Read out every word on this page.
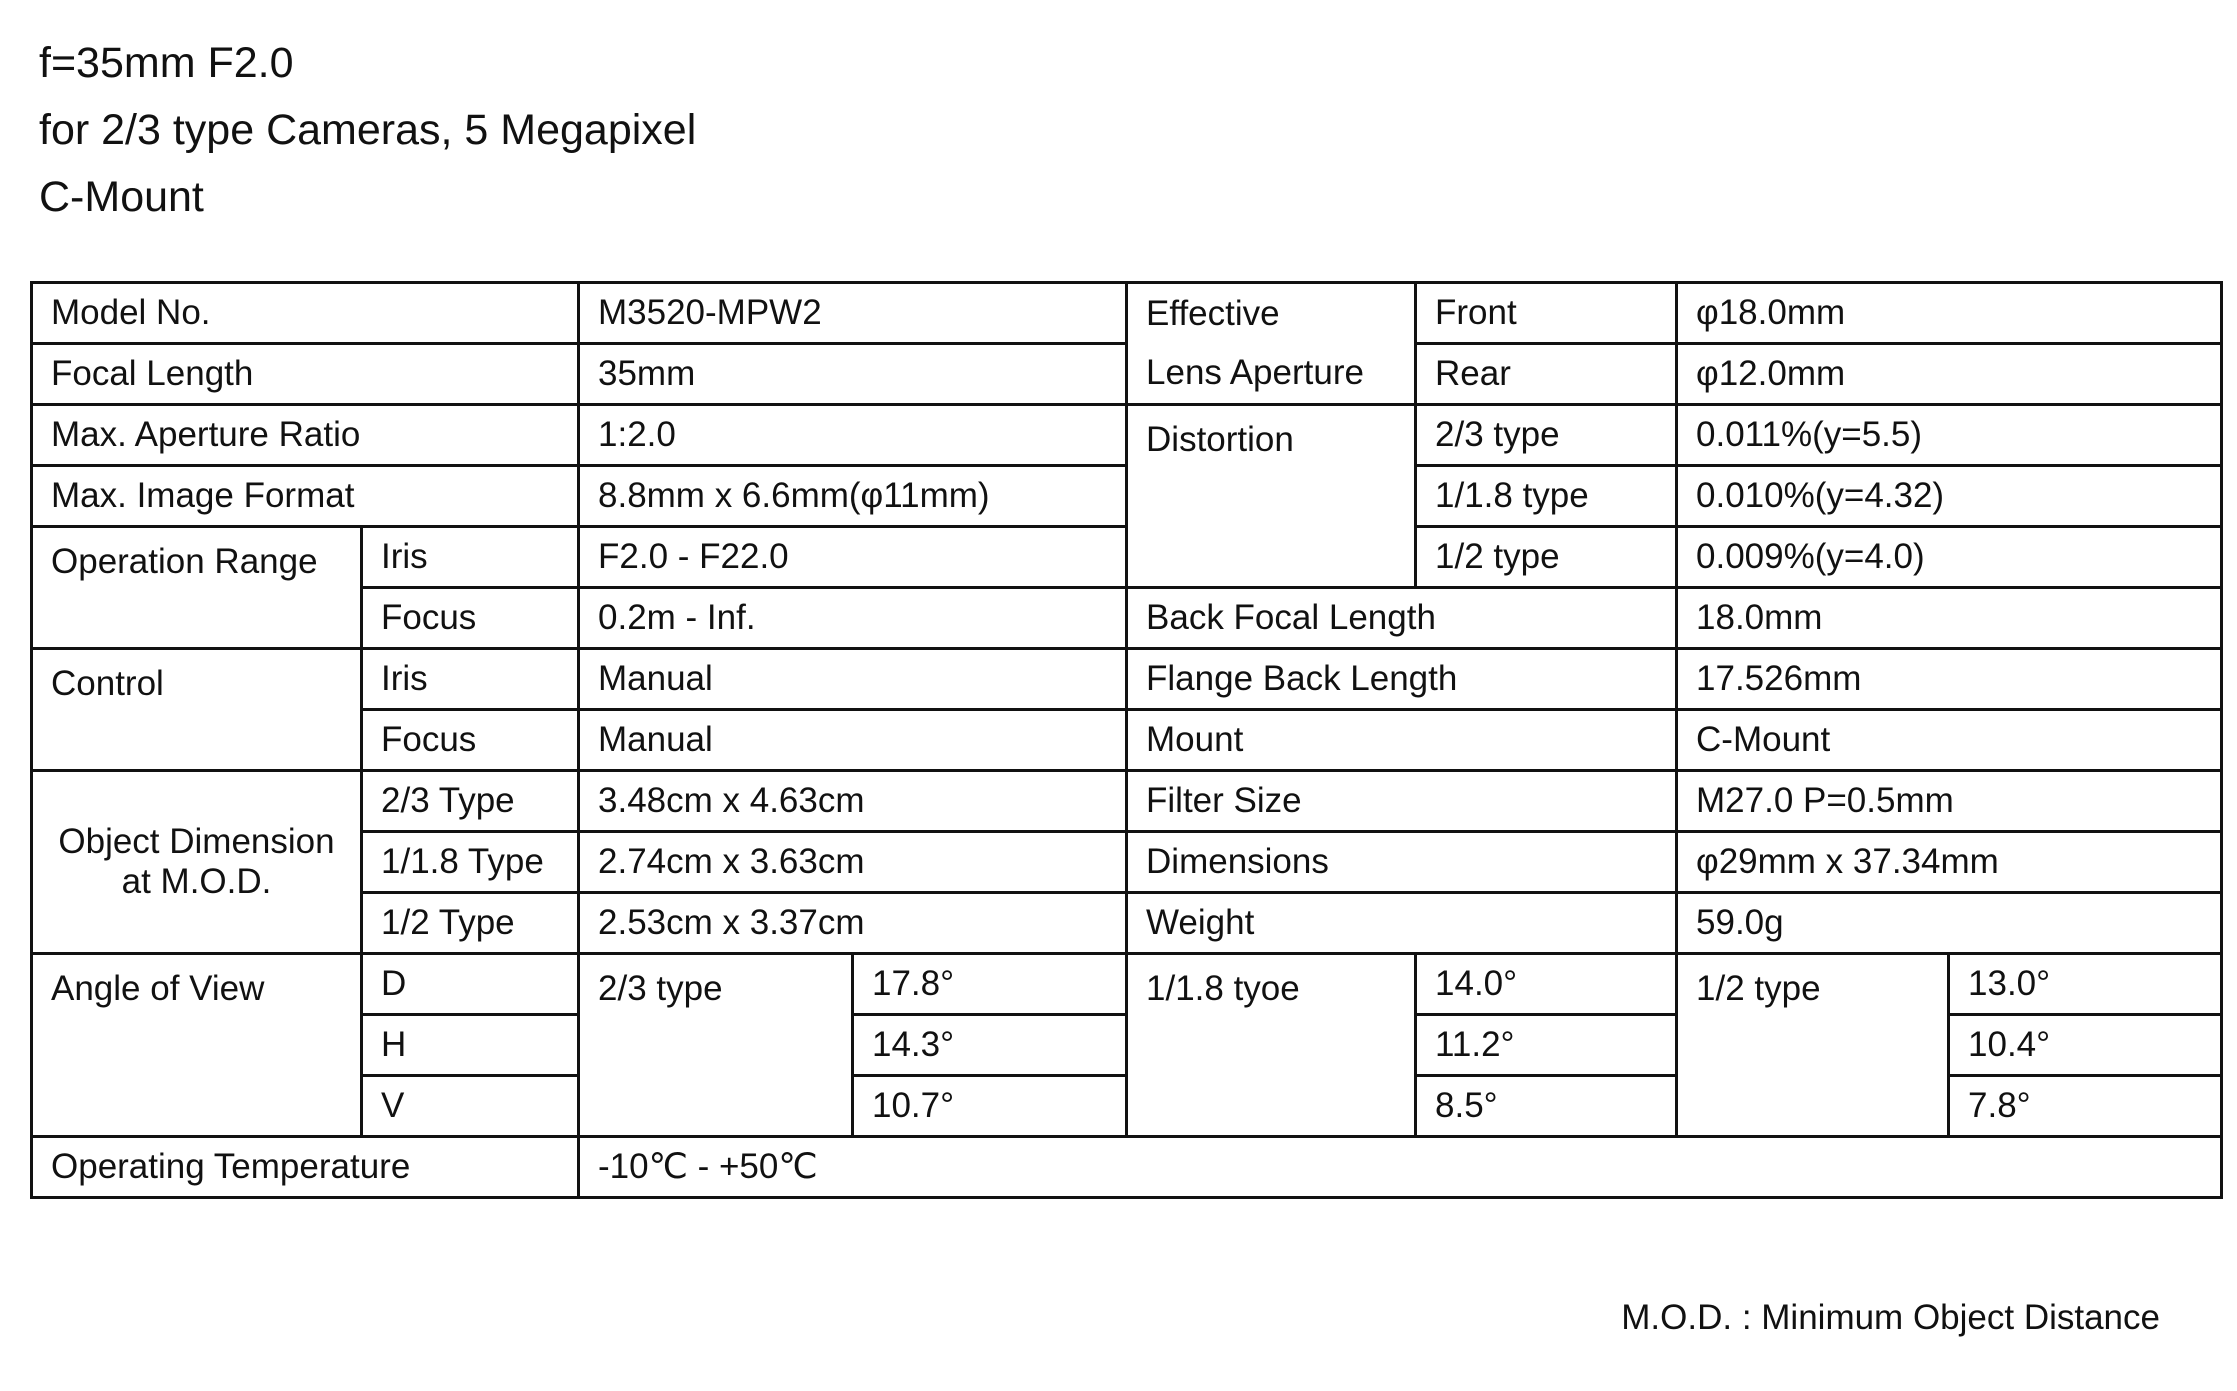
f=35mm F2.0
for 2/3 type Cameras, 5 Megapixel
C-Mount
Model No.		M3520-MPW2		Effective	Front	φ18.0mm	
Focal Length		35mm		Lens Aperture	Rear	φ12.0mm	
Max. Aperture Ratio		1:2.0		Distortion	2/3 type	0.011%(y=5.5)	
Max. Image Format		8.8mm x 6.6mm(φ11mm)			1/1.8 type	0.010%(y=4.32)	
Operation Range	Iris	F2.0 - F22.0			1/2 type	0.009%(y=4.0)	
	Focus	0.2m - Inf.		Back Focal Length		18.0mm	
Control	Iris	Manual		Flange Back Length		17.526mm	
	Focus	Manual		Mount		C-Mount	

Object Dimension
at M.O.D.	2/3 Type	3.48cm x 4.63cm		Filter Size		M27.0 P=0.5mm	
	1/1.8 Type	2.74cm x 3.63cm		Dimensions		φ29mm x 37.34mm	
	1/2 Type	2.53cm x 3.37cm		Weight		59.0g	
Angle of View	D	2/3 type	17.8°	1/1.8 tyoe	14.0°	1/2 type	13.0°
	H		14.3°		11.2°		10.4°
	V		10.7°		8.5°		7.8°
Operating Temperature		-10℃ - +50℃					
M.O.D. : Minimum Object Distance
